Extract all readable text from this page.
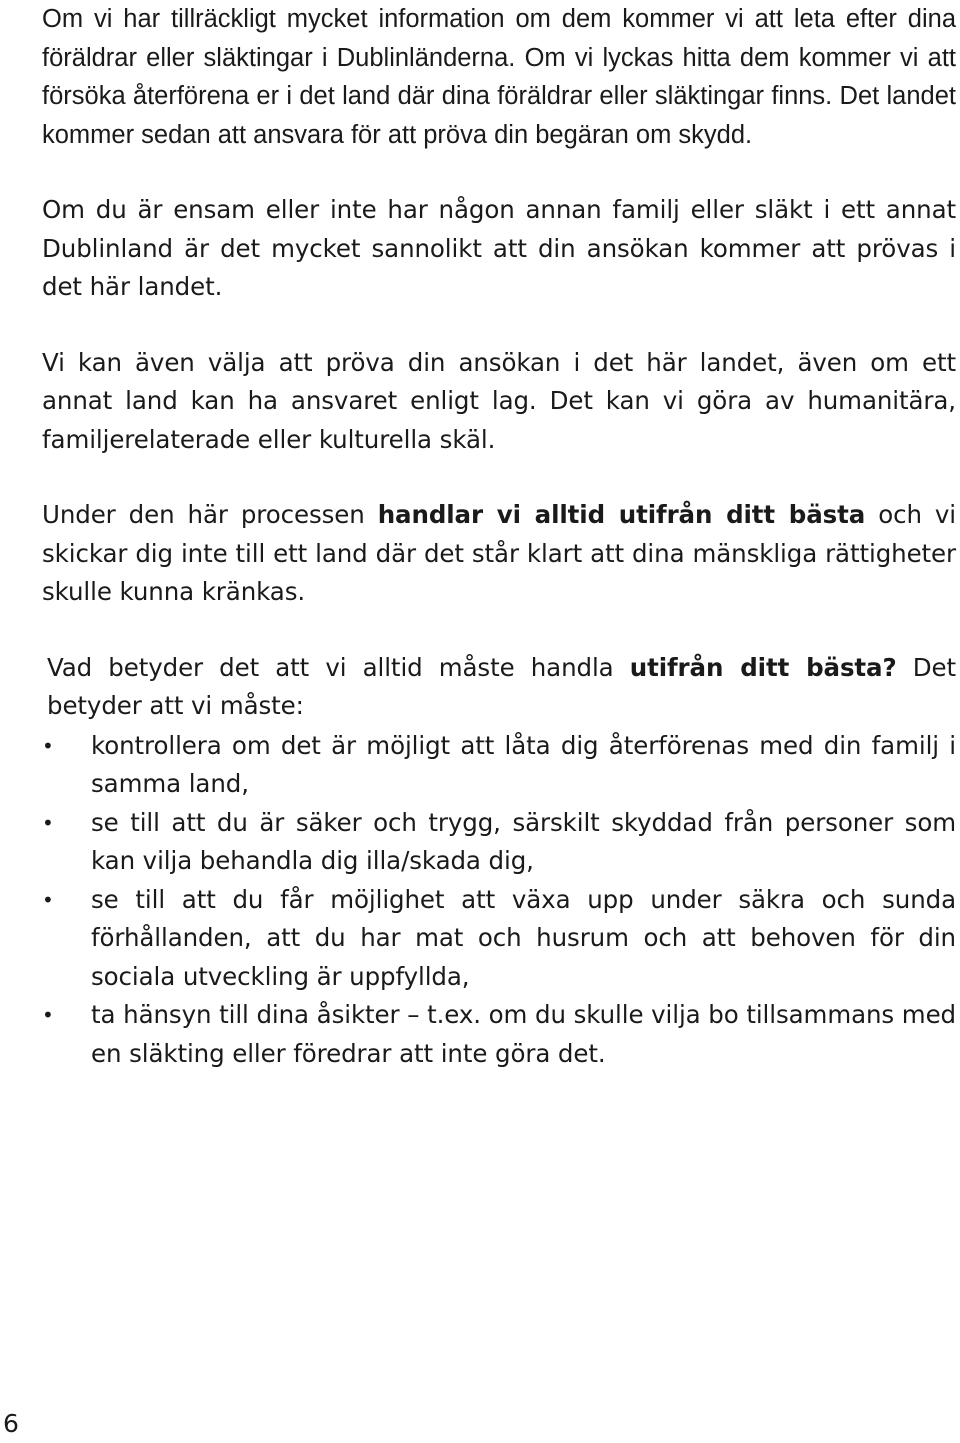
Om vi har tillräckligt mycket information om dem kommer vi att leta efter dina föräldrar eller släktingar i Dublinländerna. Om vi lyckas hitta dem kommer vi att försöka återförena er i det land där dina föräldrar eller släktingar finns. Det landet kommer sedan att ansvara för att pröva din begäran om skydd.

Om du är ensam eller inte har någon annan familj eller släkt i ett annat Dublinland är det mycket sannolikt att din ansökan kommer att prövas i det här landet.

Vi kan även välja att pröva din ansökan i det här landet, även om ett annat land kan ha ansvaret enligt lag. Det kan vi göra av humanitära, familjerelaterade eller kulturella skäl.

Under den här processen handlar vi alltid utifrån ditt bästa och vi skickar dig inte till ett land där det står klart att dina mänskliga rättigheter skulle kunna kränkas.

Vad betyder det att vi alltid måste handla utifrån ditt bästa? Det betyder att vi måste:

•	kontrollera om det är möjligt att låta dig återförenas med din familj i samma land,
•	se till att du är säker och trygg, särskilt skyddad från personer som kan vilja behandla dig illa/skada dig,
•	se till att du får möjlighet att växa upp under säkra och sunda förhållanden, att du har mat och husrum och att behoven för din sociala utveckling är uppfyllda,
•	ta hänsyn till dina åsikter – t.ex. om du skulle vilja bo tillsammans med en släkting eller föredrar att inte göra det.
6
